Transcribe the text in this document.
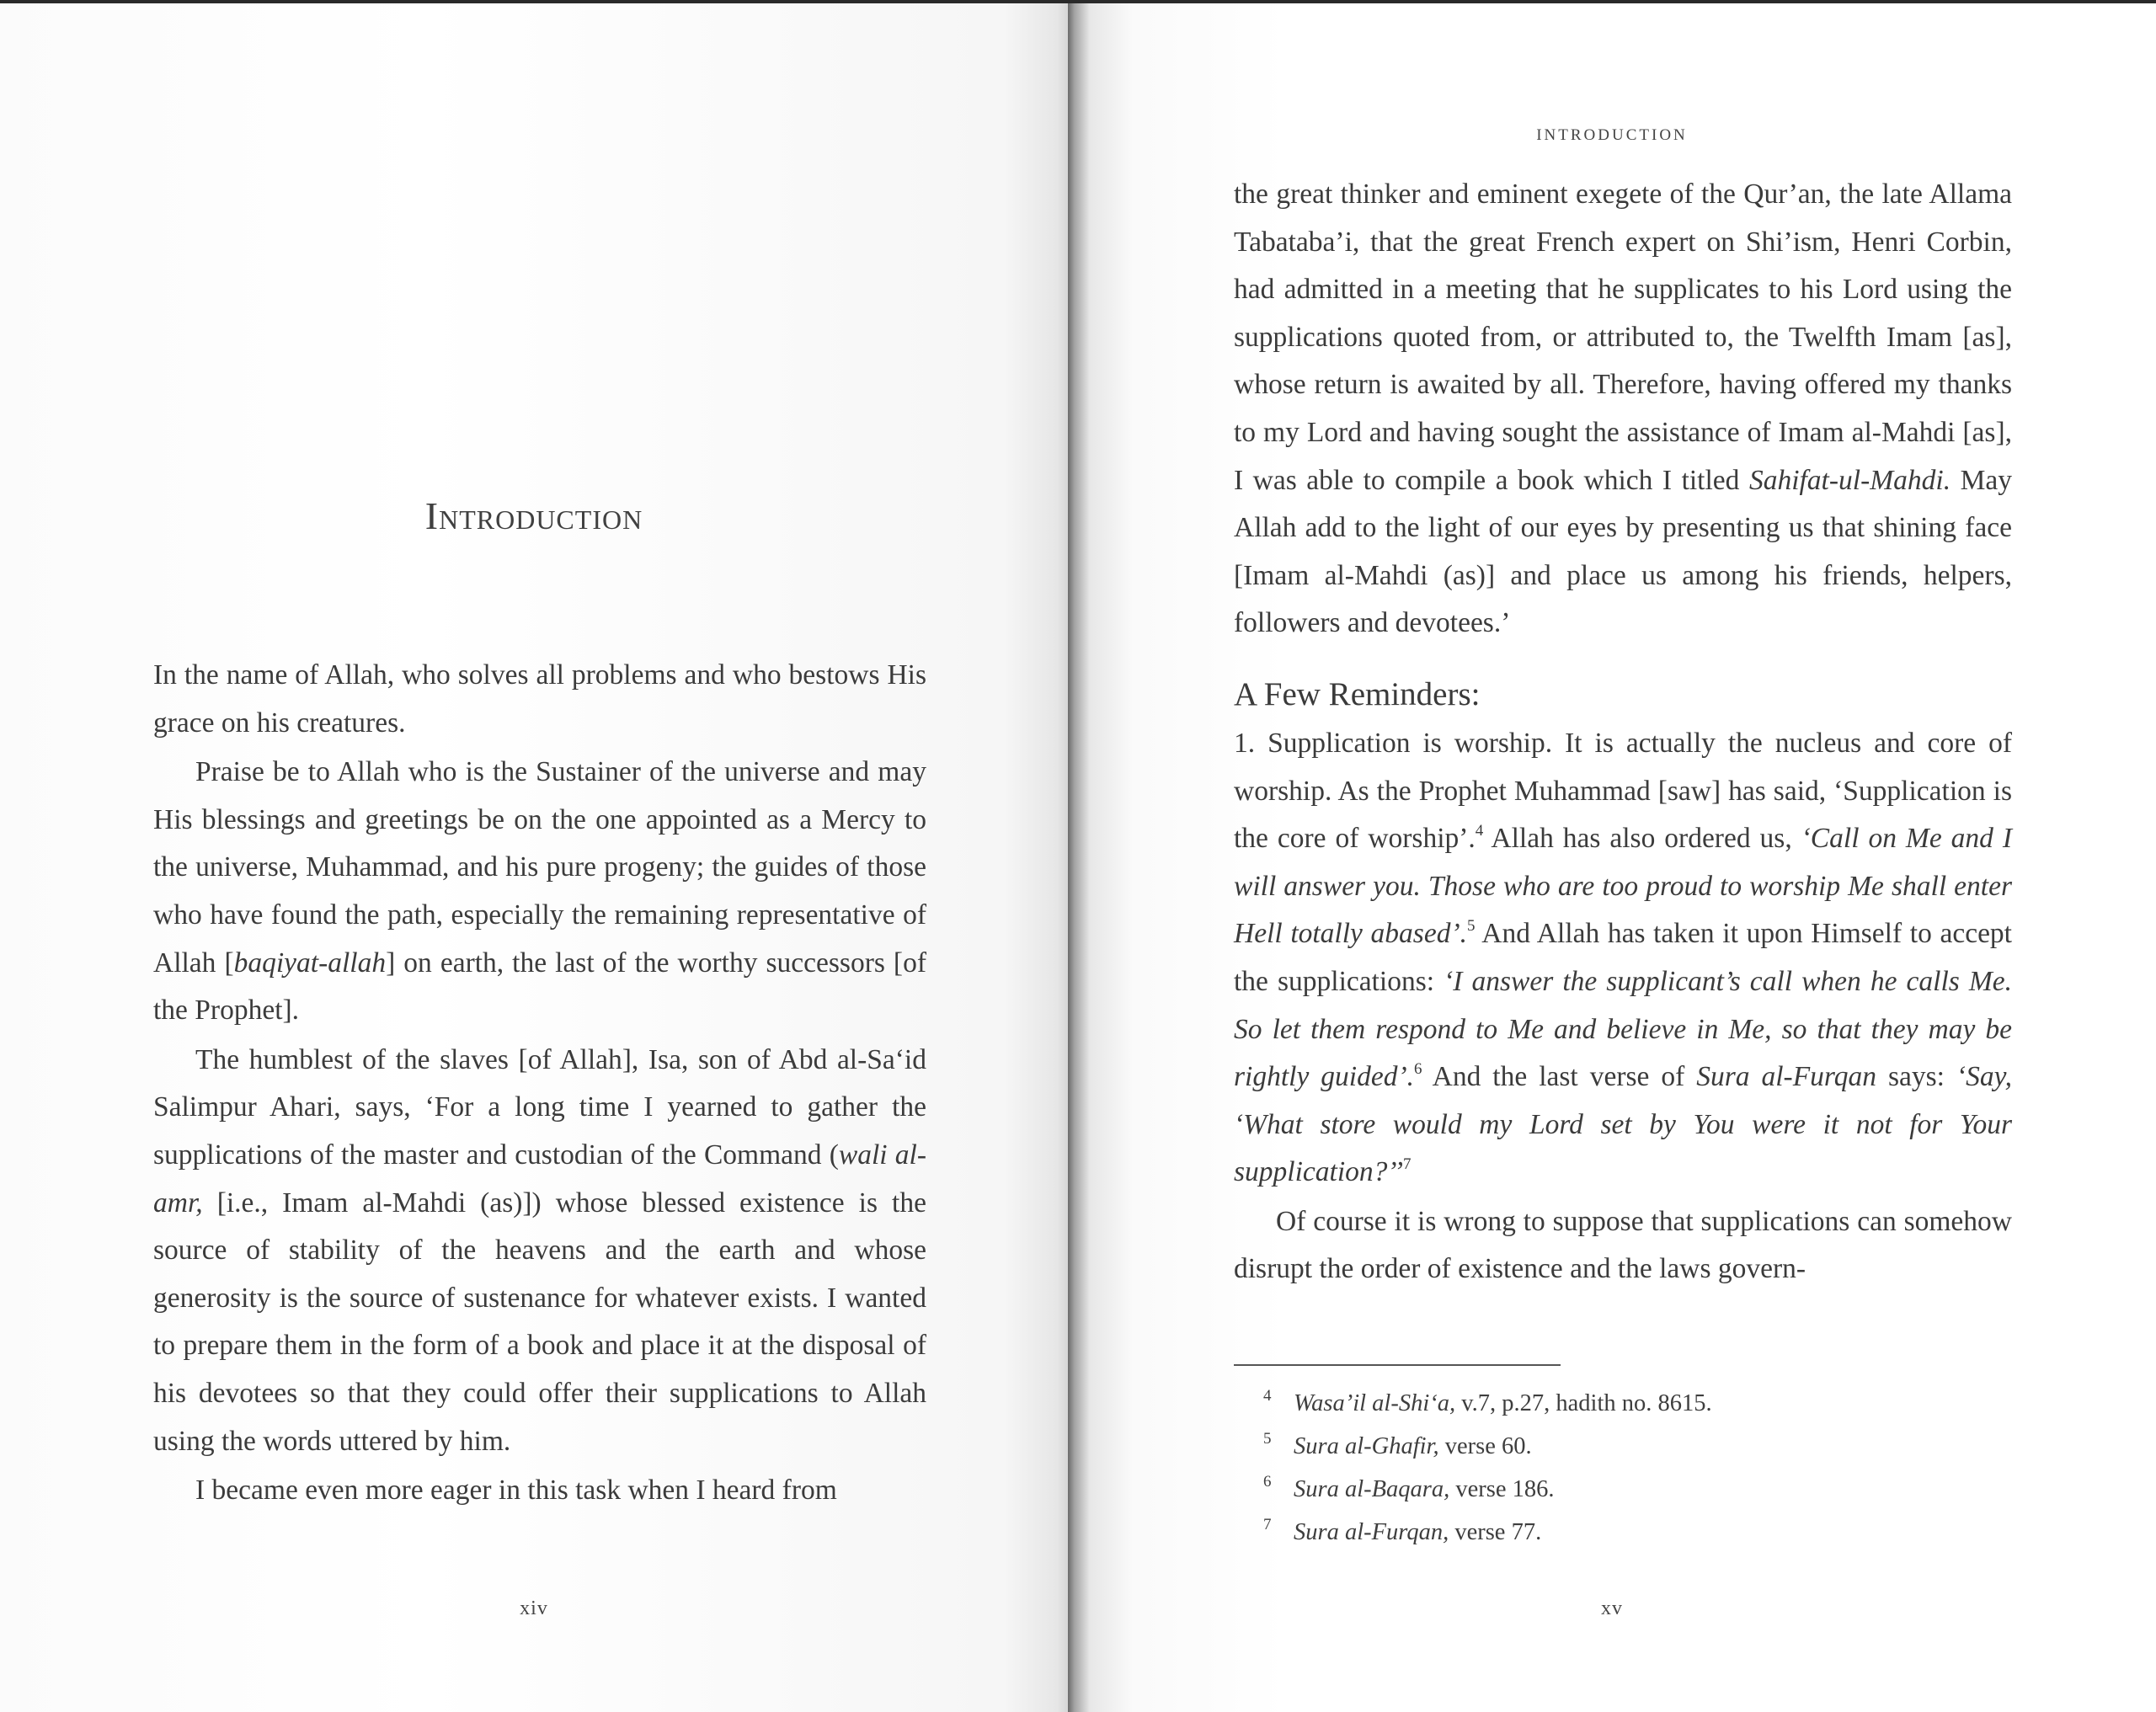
Introduction

In the name of Allah, who solves all problems and who bestows His grace on his creatures.

Praise be to Allah who is the Sustainer of the universe and may His blessings and greetings be on the one appointed as a Mercy to the universe, Muhammad, and his pure progeny; the guides of those who have found the path, especially the remaining representative of Allah [baqiyat-allah] on earth, the last of the worthy successors [of the Prophet].

The humblest of the slaves [of Allah], Isa, son of Abd al-Sa‘id Salimpur Ahari, says, ‘For a long time I yearned to gather the supplications of the master and custodian of the Command (wali al-amr, [i.e., Imam al-Mahdi (as)]) whose blessed existence is the source of stability of the heavens and the earth and whose generosity is the source of sustenance for whatever exists. I wanted to prepare them in the form of a book and place it at the disposal of his devotees so that they could offer their supplications to Allah using the words uttered by him.

I became even more eager in this task when I heard from

xiv
INTRODUCTION
xv

the great thinker and eminent exegete of the Qur’an, the late Allama Tabataba’i, that the great French expert on Shi’ism, Henri Corbin, had admitted in a meeting that he supplicates to his Lord using the supplications quoted from, or attributed to, the Twelfth Imam [as], whose return is awaited by all. Therefore, having offered my thanks to my Lord and having sought the assistance of Imam al-Mahdi [as], I was able to compile a book which I titled Sahifat-ul-Mahdi. May Allah add to the light of our eyes by presenting us that shining face [Imam al-Mahdi (as)] and place us among his friends, helpers, followers and devotees.’

A Few Reminders:

1. Supplication is worship. It is actually the nucleus and core of worship. As the Prophet Muhammad [saw] has said, ‘Supplication is the core of worship’.$^4$ Allah has also ordered us, ‘Call on Me and I will answer you. Those who are too proud to worship Me shall enter Hell totally abased’.$^5$ And Allah has taken it upon Himself to accept the supplications: ‘I answer the supplicant’s call when he calls Me. So let them respond to Me and believe in Me, so that they may be rightly guided’.$^6$ And the last verse of Sura al-Furqan says: ‘Say, ‘What store would my Lord set by You were it not for Your supplication?’’$^7$

Of course it is wrong to suppose that supplications can somehow disrupt the order of existence and the laws govern-

4 Wasa’il al-Shi‘a, v.7, p.27, hadith no. 8615.

5 Sura al-Ghafir, verse 60.

6 Sura al-Baqara, verse 186.

7 Sura al-Furqan, verse 77.
